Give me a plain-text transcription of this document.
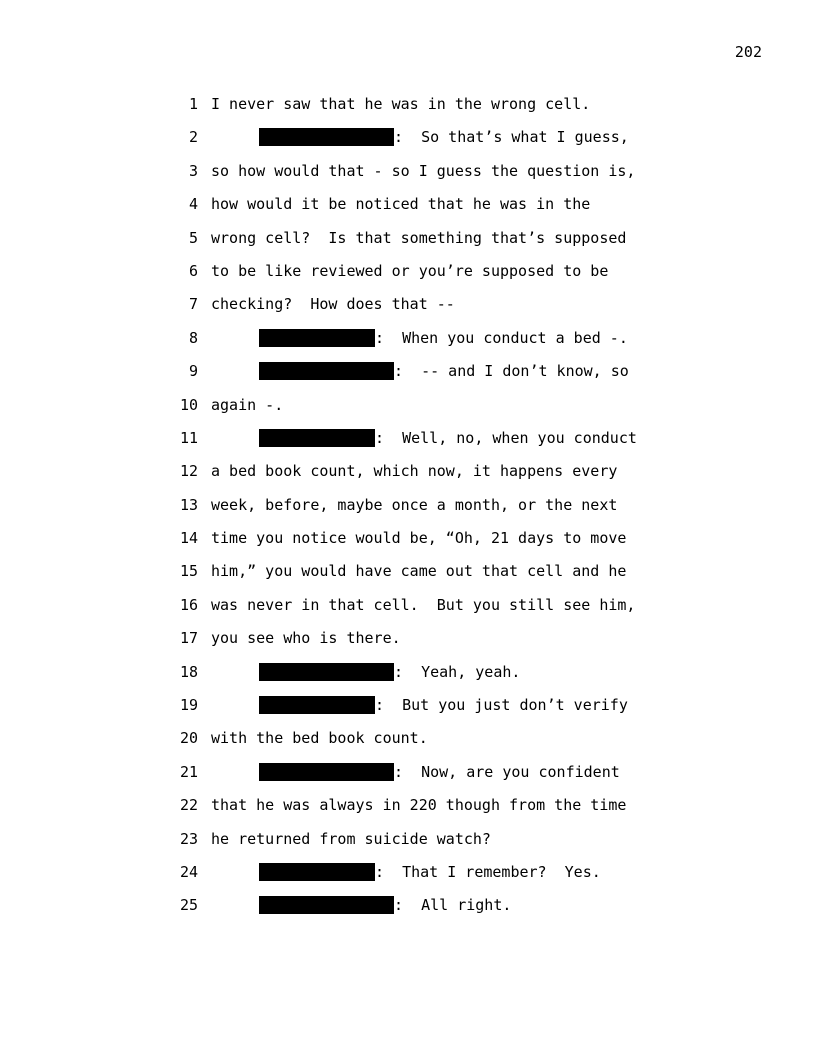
202
1 I never saw that he was in the wrong cell.
2	:  So that’s what I guess,
3 so how would that - so I guess the question is,
4 how would it be noticed that he was in the
5 wrong cell?  Is that something that’s supposed
6 to be like reviewed or you’re supposed to be
7 checking?  How does that --
8	:  When you conduct a bed -.
9	:  -- and I don’t know, so
10 again -.
11	:  Well, no, when you conduct
12 a bed book count, which now, it happens every
13 week, before, maybe once a month, or the next
14 time you notice would be, “Oh, 21 days to move
15 him,” you would have came out that cell and he
16 was never in that cell.  But you still see him,
17 you see who is there.
18	:  Yeah, yeah.
19	:  But you just don’t verify
20 with the bed book count.
21	:  Now, are you confident
22 that he was always in 220 though from the time
23 he returned from suicide watch?
24	:  That I remember?  Yes.
25	:  All right.
